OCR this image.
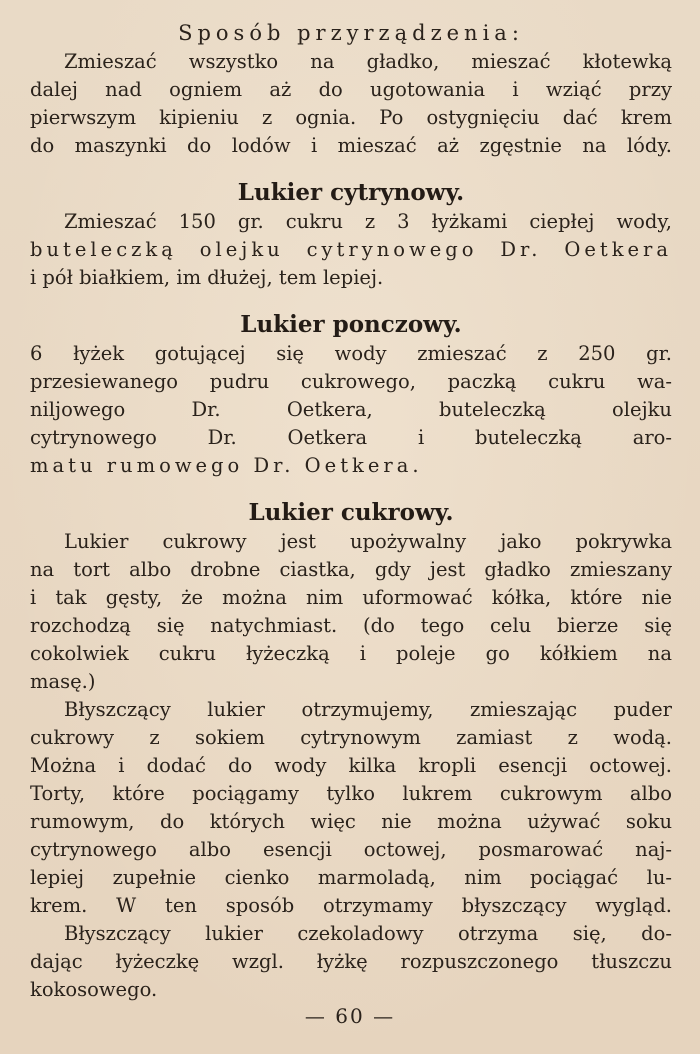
Sposób przyrządzenia:
Zmieszać wszystko na gładko, mieszać kłotewką
dalej nad ogniem aż do ugotowania i wziąć przy
pierwszym kipieniu z ognia. Po ostygnięciu dać krem
do maszynki do lodów i mieszać aż zgęstnie na lódy.
Lukier cytrynowy.
Zmieszać 150 gr. cukru z 3 łyżkami ciepłej wody,
buteleczką olejku cytrynowego Dr. Oetkera
i pół białkiem, im dłużej, tem lepiej.
Lukier ponczowy.
6 łyżek gotującej się wody zmieszać z 250 gr.
przesiewanego pudru cukrowego, paczką cukru wa-
niljowego Dr. Oetkera, buteleczką olejku
cytrynowego Dr. Oetkera i buteleczką aro-
matu rumowego Dr. Oetkera.
Lukier cukrowy.
Lukier cukrowy jest upożywalny jako pokrywka
na tort albo drobne ciastka, gdy jest gładko zmieszany
i tak gęsty, że można nim uformować kółka, które nie
rozchodzą się natychmiast. (do tego celu bierze się
cokolwiek cukru łyżeczką i poleje go kółkiem na
masę.)
Błyszczący lukier otrzymujemy, zmieszając puder
cukrowy z sokiem cytrynowym zamiast z wodą.
Można i dodać do wody kilka kropli esencji octowej.
Torty, które pociągamy tylko lukrem cukrowym albo
rumowym, do których więc nie można używać soku
cytrynowego albo esencji octowej, posmarować naj-
lepiej zupełnie cienko marmoladą, nim pociągać lu-
krem. W ten sposób otrzymamy błyszczący wygląd.
Błyszczący lukier czekoladowy otrzyma się, do-
dając łyżeczkę wzgl. łyżkę rozpuszczonego tłuszczu
kokosowego.
— 60 —
